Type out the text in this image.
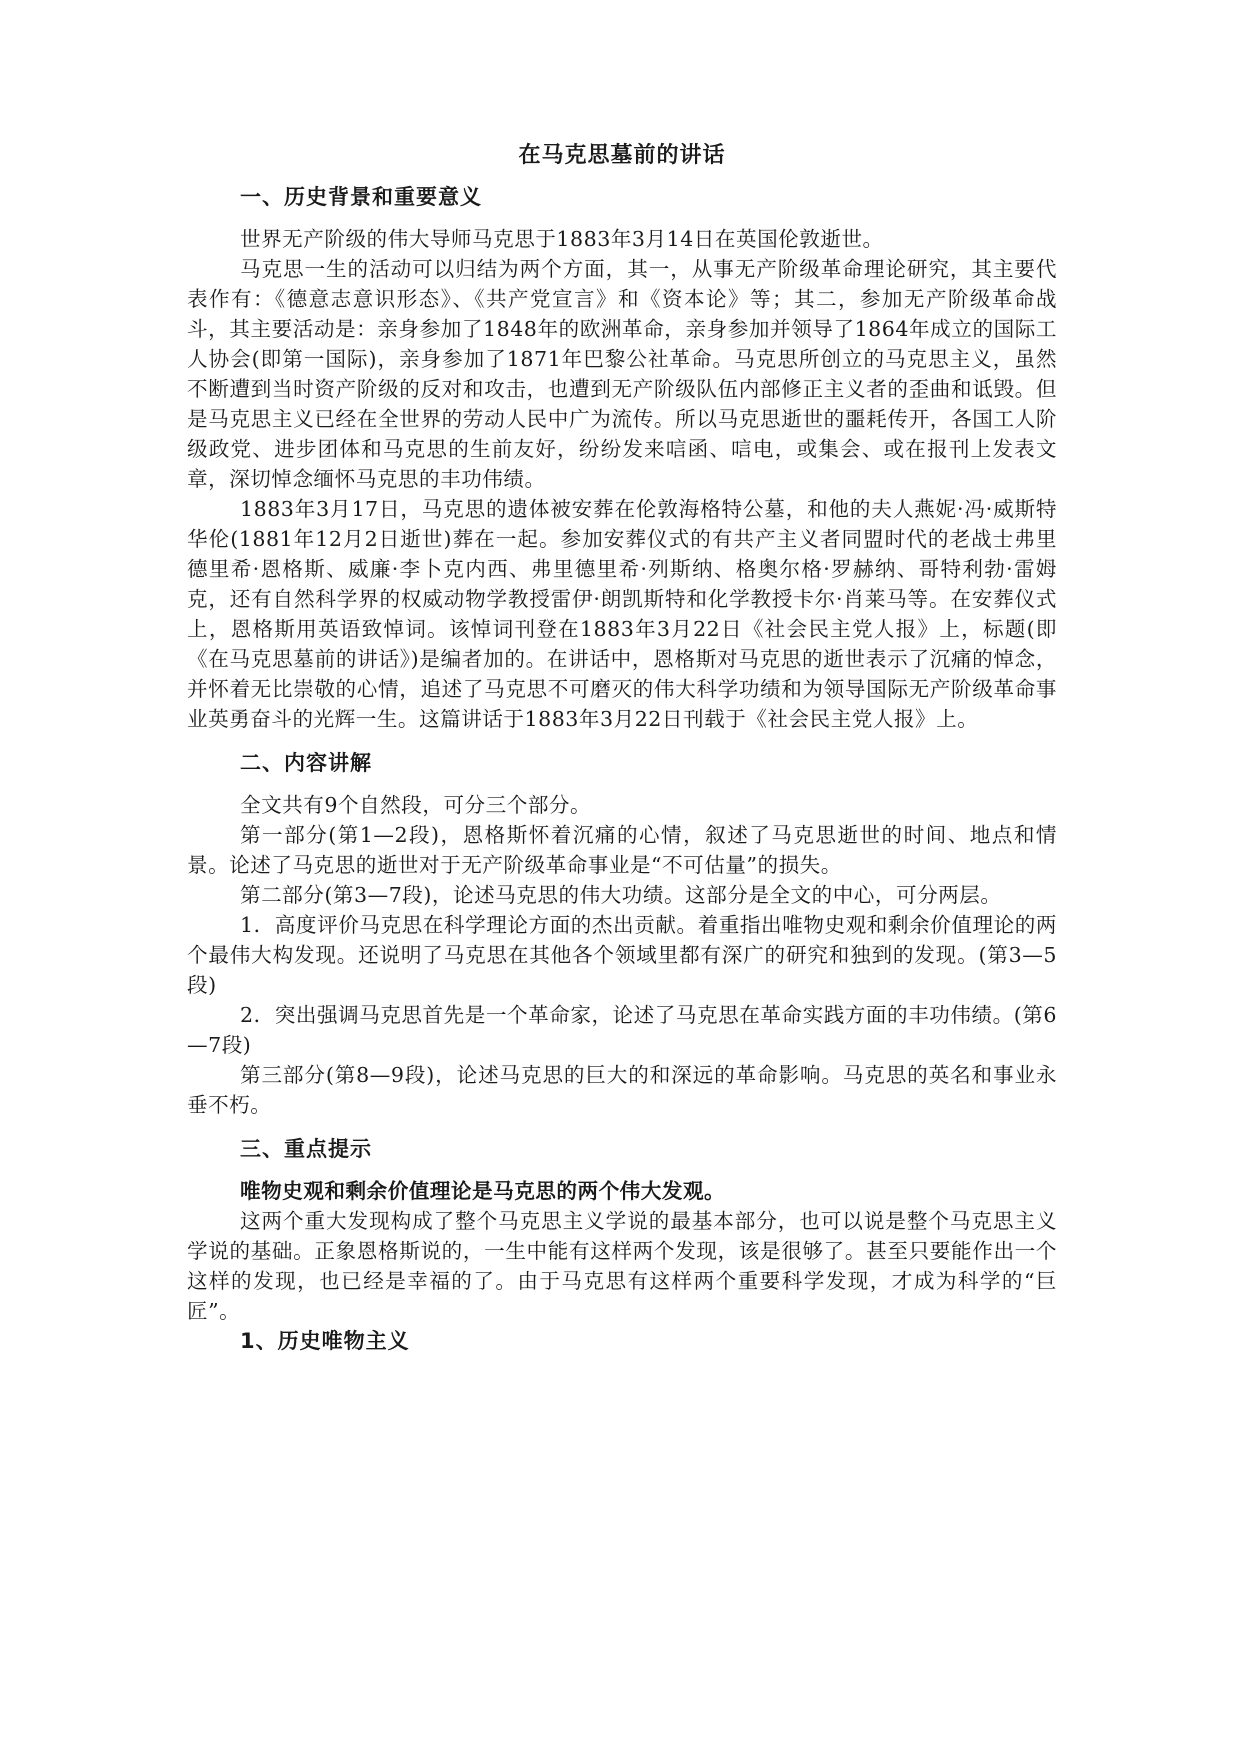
在马克思墓前的讲话
一、历史背景和重要意义

世界无产阶级的伟大导师马克思于1883年3月14日在英国伦敦逝世。

马克思一生的活动可以归结为两个方面，其一，从事无产阶级革命理论研究，其主要代表作有：《德意志意识形态》、《共产党宣言》和《资本论》等；其二，参加无产阶级革命战斗，其主要活动是：亲身参加了1848年的欧洲革命，亲身参加并领导了1864年成立的国际工人协会(即第一国际)，亲身参加了1871年巴黎公社革命。马克思所创立的马克思主义，虽然不断遭到当时资产阶级的反对和攻击，也遭到无产阶级队伍内部修正主义者的歪曲和诋毁。但是马克思主义已经在全世界的劳动人民中广为流传。所以马克思逝世的噩耗传开，各国工人阶级政党、进步团体和马克思的生前友好，纷纷发来唁函、唁电，或集会、或在报刊上发表文章，深切悼念缅怀马克思的丰功伟绩。

1883年3月17日，马克思的遗体被安葬在伦敦海格特公墓，和他的夫人燕妮·冯·威斯特华伦(1881年12月2日逝世)葬在一起。参加安葬仪式的有共产主义者同盟时代的老战士弗里德里希·恩格斯、威廉·李卜克内西、弗里德里希·列斯纳、格奥尔格·罗赫纳、哥特利勃·雷姆克，还有自然科学界的权威动物学教授雷伊·朗凯斯特和化学教授卡尔·肖莱马等。在安葬仪式上，恩格斯用英语致悼词。该悼词刊登在1883年3月22日《社会民主党人报》上，标题(即《在马克思墓前的讲话》)是编者加的。在讲话中，恩格斯对马克思的逝世表示了沉痛的悼念，并怀着无比崇敬的心情，追述了马克思不可磨灭的伟大科学功绩和为领导国际无产阶级革命事业英勇奋斗的光辉一生。这篇讲话于1883年3月22日刊载于《社会民主党人报》上。

二、内容讲解

全文共有9个自然段，可分三个部分。

第一部分(第1—2段)，恩格斯怀着沉痛的心情，叙述了马克思逝世的时间、地点和情景。论述了马克思的逝世对于无产阶级革命事业是“不可估量”的损失。

第二部分(第3—7段)，论述马克思的伟大功绩。这部分是全文的中心，可分两层。

1．高度评价马克思在科学理论方面的杰出贡献。着重指出唯物史观和剩余价值理论的两个最伟大构发现。还说明了马克思在其他各个领域里都有深广的研究和独到的发现。(第3—5段)

2．突出强调马克思首先是一个革命家，论述了马克思在革命实践方面的丰功伟绩。(第6—7段)

第三部分(第8—9段)，论述马克思的巨大的和深远的革命影响。马克思的英名和事业永垂不朽。

三、重点提示

唯物史观和剩余价值理论是马克思的两个伟大发观。

这两个重大发现构成了整个马克思主义学说的最基本部分，也可以说是整个马克思主义学说的基础。正象恩格斯说的，一生中能有这样两个发现，该是很够了。甚至只要能作出一个这样的发现，也已经是幸福的了。由于马克思有这样两个重要科学发现，才成为科学的“巨匠”。

1、历史唯物主义
